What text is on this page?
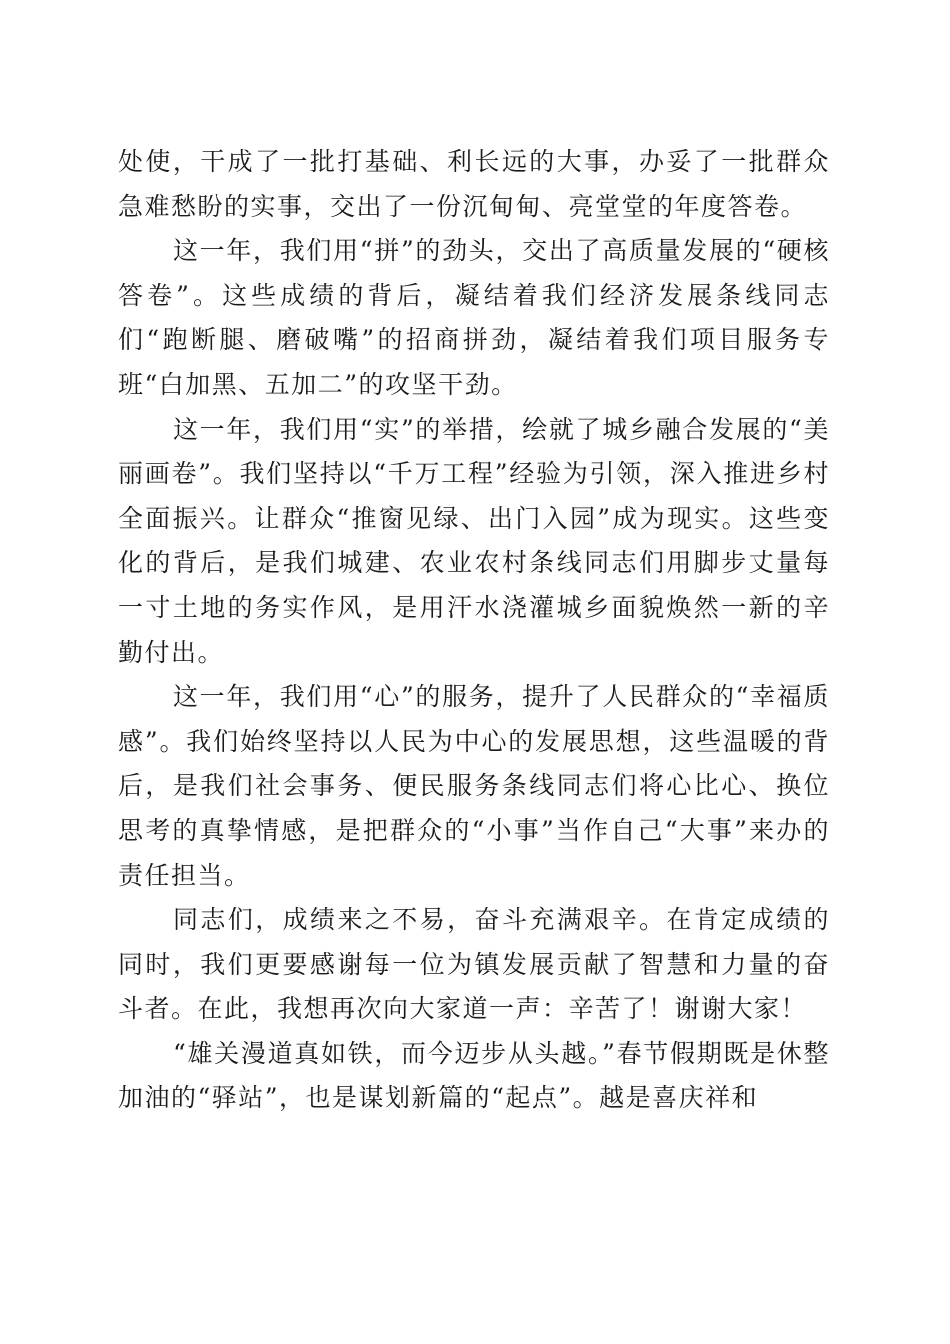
处使，干成了一批打基础、利长远的大事，办妥了一批群众急难愁盼的实事，交出了一份沉甸甸、亮堂堂的年度答卷。

这一年，我们用“拼”的劲头，交出了高质量发展的“硬核答卷”。这些成绩的背后，凝结着我们经济发展条线同志们“跑断腿、磨破嘴”的招商拼劲，凝结着我们项目服务专班“白加黑、五加二”的攻坚干劲。

这一年，我们用“实”的举措，绘就了城乡融合发展的“美丽画卷”。我们坚持以“千万工程”经验为引领，深入推进乡村全面振兴。让群众“推窗见绿、出门入园”成为现实。这些变化的背后，是我们城建、农业农村条线同志们用脚步丈量每一寸土地的务实作风，是用汗水浇灌城乡面貌焕然一新的辛勤付出。

这一年，我们用“心”的服务，提升了人民群众的“幸福质感”。我们始终坚持以人民为中心的发展思想，这些温暖的背后，是我们社会事务、便民服务条线同志们将心比心、换位思考的真挚情感，是把群众的“小事”当作自己“大事”来办的责任担当。

同志们，成绩来之不易，奋斗充满艰辛。在肯定成绩的同时，我们更要感谢每一位为镇发展贡献了智慧和力量的奋斗者。在此，我想再次向大家道一声：辛苦了！谢谢大家！

“雄关漫道真如铁，而今迈步从头越。”春节假期既是休整加油的“驿站”，也是谋划新篇的“起点”。越是喜庆祥和
